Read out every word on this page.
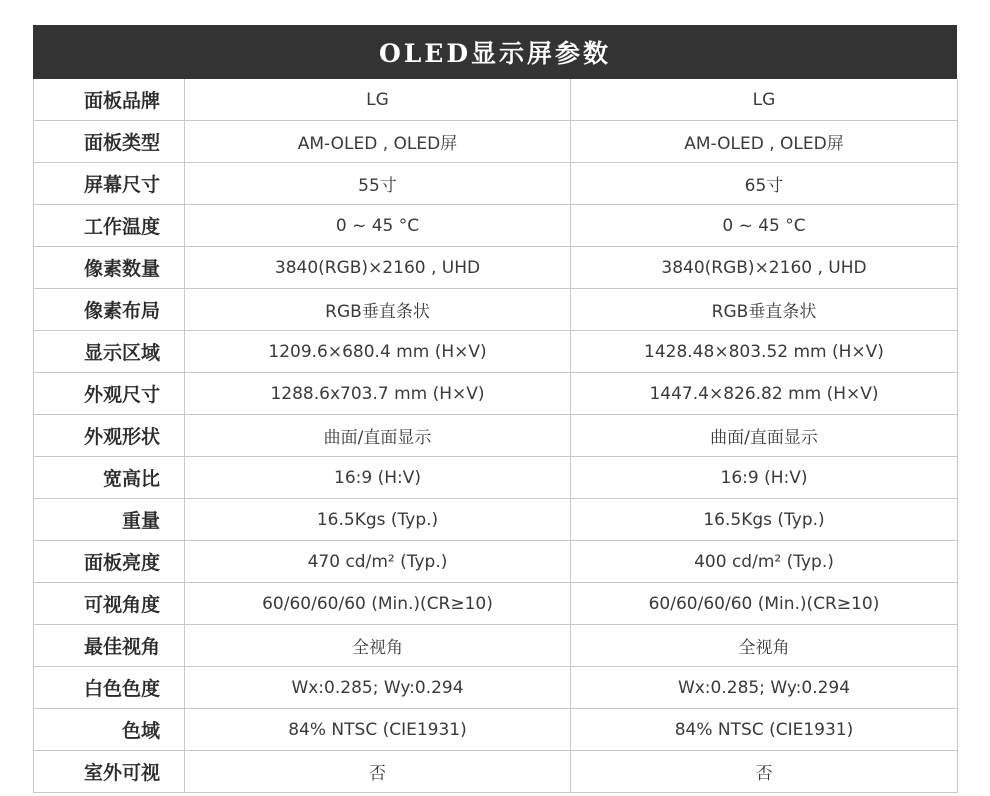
OLED显示屏参数
面板品牌	LG	LG
面板类型	AM-OLED , OLED屏	AM-OLED , OLED屏
屏幕尺寸	55寸	65寸
工作温度	0 ~ 45 °C	0 ~ 45 °C
像素数量	3840(RGB)×2160 , UHD	3840(RGB)×2160 , UHD
像素布局	RGB垂直条状	RGB垂直条状
显示区域	1209.6×680.4 mm (H×V)	1428.48×803.52 mm (H×V)
外观尺寸	1288.6x703.7 mm (H×V)	1447.4×826.82 mm (H×V)
外观形状	曲面/直面显示	曲面/直面显示
宽高比	16:9 (H:V)	16:9 (H:V)
重量	16.5Kgs (Typ.)	16.5Kgs (Typ.)
面板亮度	470 cd/m² (Typ.)	400 cd/m² (Typ.)
可视角度	60/60/60/60 (Min.)(CR≥10)	60/60/60/60 (Min.)(CR≥10)
最佳视角	全视角	全视角
白色色度	Wx:0.285; Wy:0.294	Wx:0.285; Wy:0.294
色域	84% NTSC (CIE1931)	84% NTSC (CIE1931)
室外可视	否	否
